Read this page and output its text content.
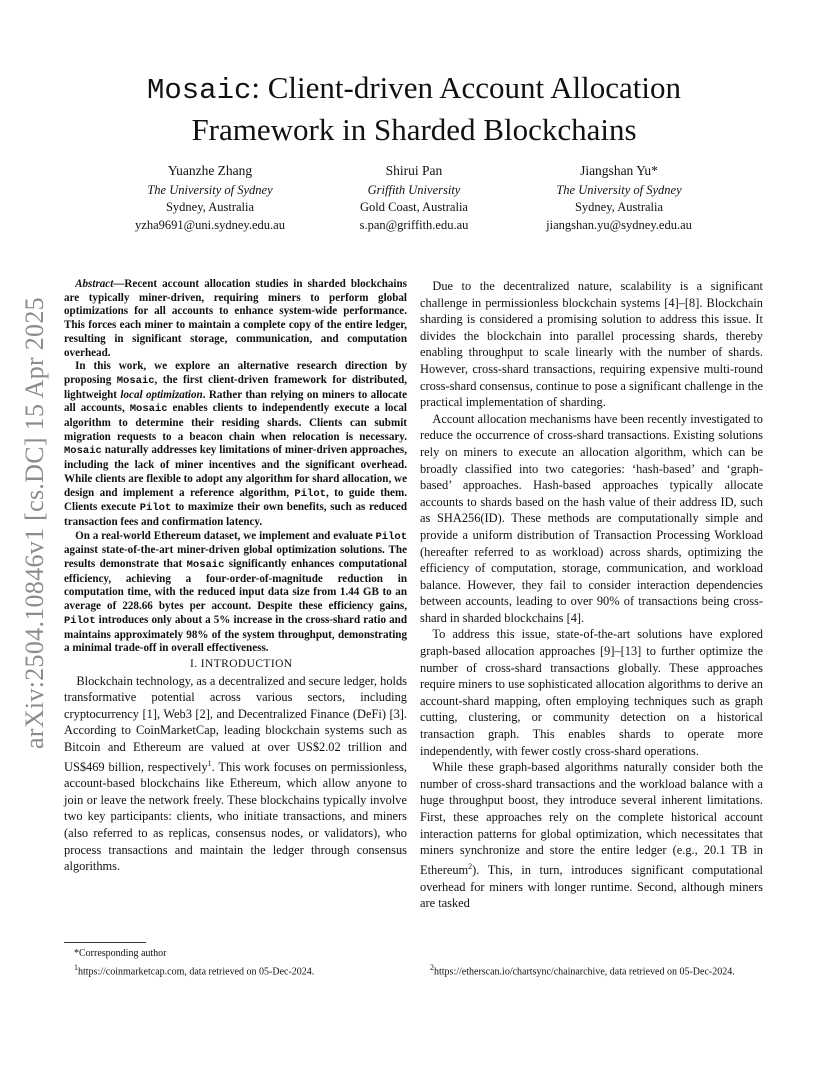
arXiv:2504.10846v1 [cs.DC] 15 Apr 2025
Mosaic: Client-driven Account Allocation
Framework in Sharded Blockchains
Yuanzhe Zhang
The University of Sydney
Sydney, Australia
yzha9691@uni.sydney.edu.au
Shirui Pan
Griffith University
Gold Coast, Australia
s.pan@griffith.edu.au
Jiangshan Yu*
The University of Sydney
Sydney, Australia
jiangshan.yu@sydney.edu.au

Abstract—Recent account allocation studies in sharded blockchains are typically miner-driven, requiring miners to perform global optimizations for all accounts to enhance system-wide performance. This forces each miner to maintain a complete copy of the entire ledger, resulting in significant storage, communication, and computation overhead.

In this work, we explore an alternative research direction by proposing Mosaic, the first client-driven framework for distributed, lightweight local optimization. Rather than relying on miners to allocate all accounts, Mosaic enables clients to independently execute a local algorithm to determine their residing shards. Clients can submit migration requests to a beacon chain when relocation is necessary. Mosaic naturally addresses key limitations of miner-driven approaches, including the lack of miner incentives and the significant overhead. While clients are flexible to adopt any algorithm for shard allocation, we design and implement a reference algorithm, Pilot, to guide them. Clients execute Pilot to maximize their own benefits, such as reduced transaction fees and confirmation latency.

On a real-world Ethereum dataset, we implement and evaluate Pilot against state-of-the-art miner-driven global optimization solutions. The results demonstrate that Mosaic significantly enhances computational efficiency, achieving a four-order-of-magnitude reduction in computation time, with the reduced input data size from 1.44 GB to an average of 228.66 bytes per account. Despite these efficiency gains, Pilot introduces only about a 5% increase in the cross-shard ratio and maintains approximately 98% of the system throughput, demonstrating a minimal trade-off in overall effectiveness.

I. INTRODUCTION

Blockchain technology, as a decentralized and secure ledger, holds transformative potential across various sectors, including cryptocurrency [1], Web3 [2], and Decentralized Finance (DeFi) [3]. According to CoinMarketCap, leading blockchain systems such as Bitcoin and Ethereum are valued at over US$2.02 trillion and US$469 billion, respectively$^1$. This work focuses on permissionless, account-based blockchains like Ethereum, which allow anyone to join or leave the network freely. These blockchains typically involve two key participants: clients, who initiate transactions, and miners (also referred to as replicas, consensus nodes, or validators), who process transactions and maintain the ledger through consensus algorithms.

Due to the decentralized nature, scalability is a significant challenge in permissionless blockchain systems [4]–[8]. Blockchain sharding is considered a promising solution to address this issue. It divides the blockchain into parallel processing shards, thereby enabling throughput to scale linearly with the number of shards. However, cross-shard transactions, requiring expensive multi-round cross-shard consensus, continue to pose a significant challenge in the practical implementation of sharding.

Account allocation mechanisms have been recently investigated to reduce the occurrence of cross-shard transactions. Existing solutions rely on miners to execute an allocation algorithm, which can be broadly classified into two categories: ‘hash-based’ and ‘graph-based’ approaches. Hash-based approaches typically allocate accounts to shards based on the hash value of their address ID, such as SHA256(ID). These methods are computationally simple and provide a uniform distribution of Transaction Processing Workload (hereafter referred to as workload) across shards, optimizing the efficiency of computation, storage, communication, and workload balance. However, they fail to consider interaction dependencies between accounts, leading to over 90% of transactions being cross-shard in sharded blockchains [4].

To address this issue, state-of-the-art solutions have explored graph-based allocation approaches [9]–[13] to further optimize the number of cross-shard transactions globally. These approaches require miners to use sophisticated allocation algorithms to derive an account-shard mapping, often employing techniques such as graph cutting, clustering, or community detection on a historical transaction graph. This enables shards to operate more independently, with fewer costly cross-shard operations.

While these graph-based algorithms naturally consider both the number of cross-shard transactions and the workload balance with a huge throughput boost, they introduce several inherent limitations. First, these approaches rely on the complete historical account interaction patterns for global optimization, which necessitates that miners synchronize and store the entire ledger (e.g., 20.1 TB in Ethereum$^2$). This, in turn, introduces significant computational overhead for miners with longer runtime. Second, although miners are tasked

*Corresponding author
$^1$https://coinmarketcap.com, data retrieved on 05-Dec-2024.	$^2$https://etherscan.io/chartsync/chainarchive, data retrieved on 05-Dec-2024.
